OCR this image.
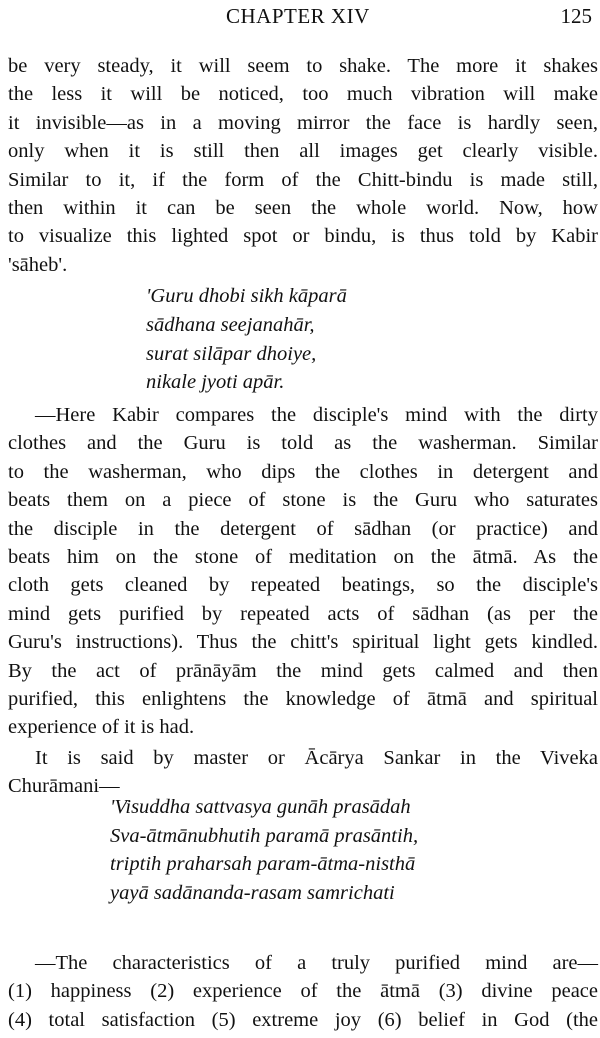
CHAPTER XIV	125
be very steady, it will seem to shake. The more it shakes
the less it will be noticed, too much vibration will make
it invisible—as in a moving mirror the face is hardly seen,
only when it is still then all images get clearly visible.
Similar to it, if the form of the Chitt-bindu is made still,
then within it can be seen the whole world. Now, how
to visualize this lighted spot or bindu, is thus told by Kabir
'sāheb'.
'Guru dhobi sikh kāparā
sādhana seejanahār,
surat silāpar dhoiye,
nikale jyoti apār.
—Here Kabir compares the disciple's mind with the dirty
clothes and the Guru is told as the washerman. Similar
to the washerman, who dips the clothes in detergent and
beats them on a piece of stone is the Guru who saturates
the disciple in the detergent of sādhan (or practice) and
beats him on the stone of meditation on the ātmā. As the
cloth gets cleaned by repeated beatings, so the disciple's
mind gets purified by repeated acts of sādhan (as per the
Guru's instructions). Thus the chitt's spiritual light gets kindled.
By the act of prānāyām the mind gets calmed and then
purified, this enlightens the knowledge of ātmā and spiritual
experience of it is had.
It is said by master or Ācārya Sankar in the Viveka
Churāmani—
'Visuddha sattvasya gunāh prasādah
Sva-ātmānubhutih paramā prasāntih,
triptih praharsah param-ātma-nisthā
yayā sadānanda-rasam samrichati
—The characteristics of a truly purified mind are—
(1) happiness (2) experience of the ātmā (3) divine peace
(4) total satisfaction (5) extreme joy (6) belief in God (the
